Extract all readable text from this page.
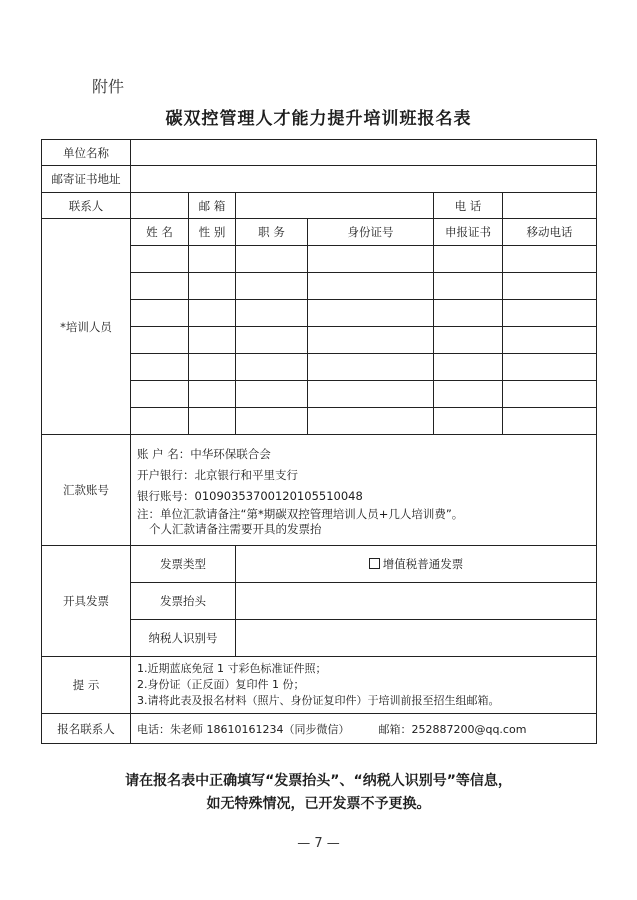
附件
碳双控管理人才能力提升培训班报名表
单位名称						
邮寄证书地址						
联系人		邮 箱			电 话	
*培训人员	姓 名	性 别	职 务	身份证号	申报证书	移动电话

汇款账号	账 户 名：中华环保联合会
开户银行：北京银行和平里支行
银行账号：01090353700120105510048
注：单位汇款请备注“第*期碳双控管理培训人员+几人培训费”。
个人汇款请备注需要开具的发票抬					

开具发票	发票类型		增值税普通发票			
	发票抬头					
	纳税人识别号					
提 示	1.近期蓝底免冠 1 寸彩色标准证件照；
2.身份证（正反面）复印件 1 份；
3.请将此表及报名材料（照片、身份证复印件）于培训前报至招生组邮箱。					

报名联系人	电话：朱老师 18610161234（同步微信） 邮箱：252887200@qq.com					
请在报名表中正确填写“发票抬头”、“纳税人识别号”等信息，
如无特殊情况，已开发票不予更换。
— 7 —
